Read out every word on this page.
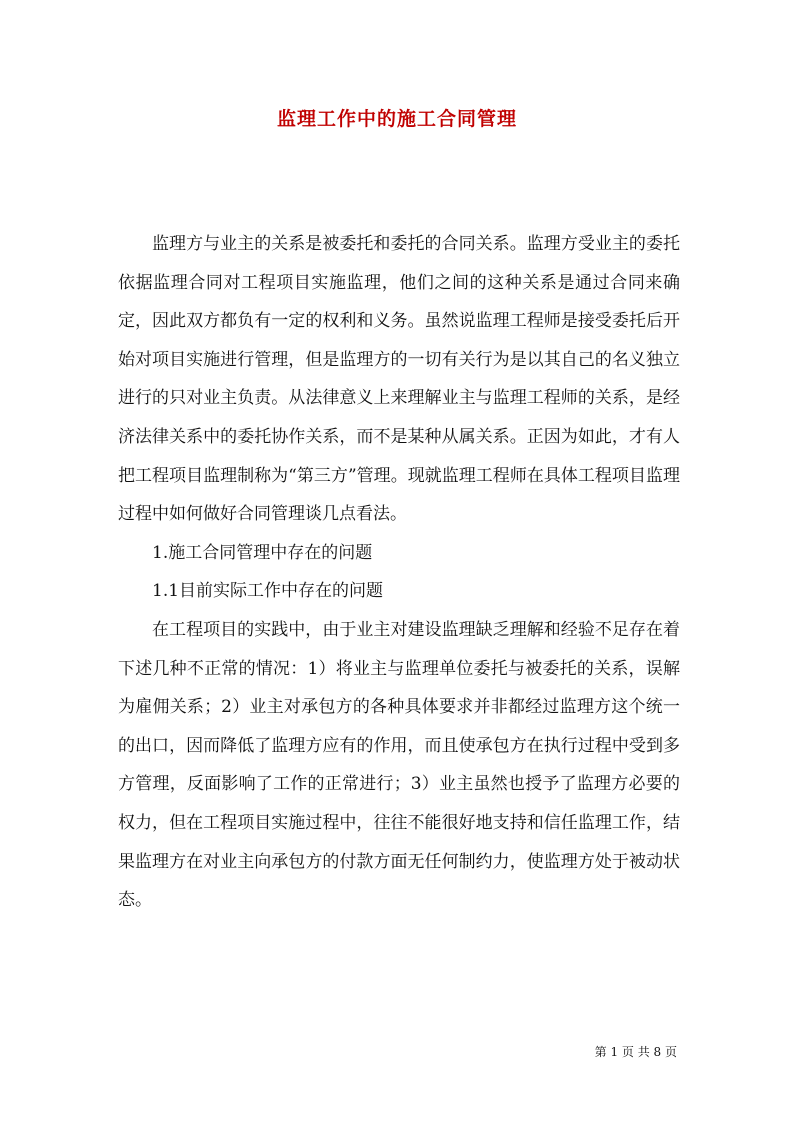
监理工作中的施工合同管理

监理方与业主的关系是被委托和委托的合同关系。监理方受业主的委托依据监理合同对工程项目实施监理，他们之间的这种关系是通过合同来确定，因此双方都负有一定的权利和义务。虽然说监理工程师是接受委托后开始对项目实施进行管理，但是监理方的一切有关行为是以其自己的名义独立进行的只对业主负责。从法律意义上来理解业主与监理工程师的关系，是经济法律关系中的委托协作关系，而不是某种从属关系。正因为如此，才有人把工程项目监理制称为“第三方”管理。现就监理工程师在具体工程项目监理过程中如何做好合同管理谈几点看法。

1.施工合同管理中存在的问题

1.1目前实际工作中存在的问题

在工程项目的实践中，由于业主对建设监理缺乏理解和经验不足存在着下述几种不正常的情况：1）将业主与监理单位委托与被委托的关系，误解为雇佣关系；2）业主对承包方的各种具体要求并非都经过监理方这个统一的出口，因而降低了监理方应有的作用，而且使承包方在执行过程中受到多方管理，反面影响了工作的正常进行；3）业主虽然也授予了监理方必要的权力，但在工程项目实施过程中，往往不能很好地支持和信任监理工作，结果监理方在对业主向承包方的付款方面无任何制约力，使监理方处于被动状态。

第 1 页 共 8 页
